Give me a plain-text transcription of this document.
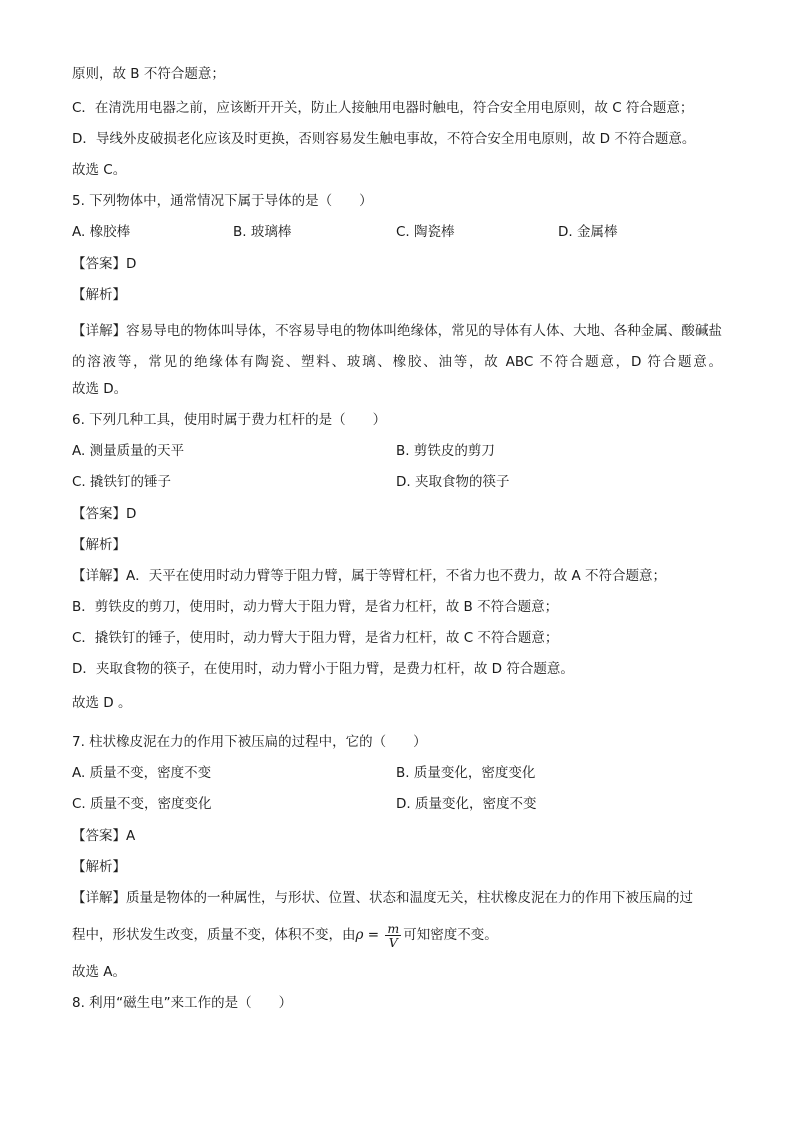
原则，故 B 不符合题意；
C．在清洗用电器之前，应该断开开关，防止人接触用电器时触电，符合安全用电原则，故 C 符合题意；
D．导线外皮破损老化应该及时更换，否则容易发生触电事故，不符合安全用电原则，故 D 不符合题意。
故选 C。
5. 下列物体中，通常情况下属于导体的是（　　）
A. 橡胶棒	B. 玻璃棒	C. 陶瓷棒	D. 金属棒
【答案】D
【解析】
【详解】容易导电的物体叫导体，不容易导电的物体叫绝缘体，常见的导体有人体、大地、各种金属、酸碱盐的溶液等，常见的绝缘体有陶瓷、塑料、玻璃、橡胶、油等，故 ABC 不符合题意，D 符合题意。
故选 D。
6. 下列几种工具，使用时属于费力杠杆的是（　　）
A. 测量质量的天平	B. 剪铁皮的剪刀
C. 撬铁钉的锤子	D. 夹取食物的筷子
【答案】D
【解析】
【详解】A．天平在使用时动力臂等于阻力臂，属于等臂杠杆，不省力也不费力，故 A 不符合题意；
B．剪铁皮的剪刀，使用时，动力臂大于阻力臂，是省力杠杆，故 B 不符合题意；
C．撬铁钉的锤子，使用时，动力臂大于阻力臂，是省力杠杆，故 C 不符合题意；
D．夹取食物的筷子，在使用时，动力臂小于阻力臂，是费力杠杆，故 D 符合题意。
故选 D 。
7. 柱状橡皮泥在力的作用下被压扁的过程中，它的（　　）
A. 质量不变，密度不变	B. 质量变化，密度变化
C. 质量不变，密度变化	D. 质量变化，密度不变
【答案】A
【解析】
【详解】质量是物体的一种属性，与形状、位置、状态和温度无关，柱状橡皮泥在力的作用下被压扁的过
程中，形状发生改变，质量不变，体积不变，由$\rho = \frac{m}{V}$ 可知密度不变。
故选 A。
8. 利用“磁生电”来工作的是（　　）
